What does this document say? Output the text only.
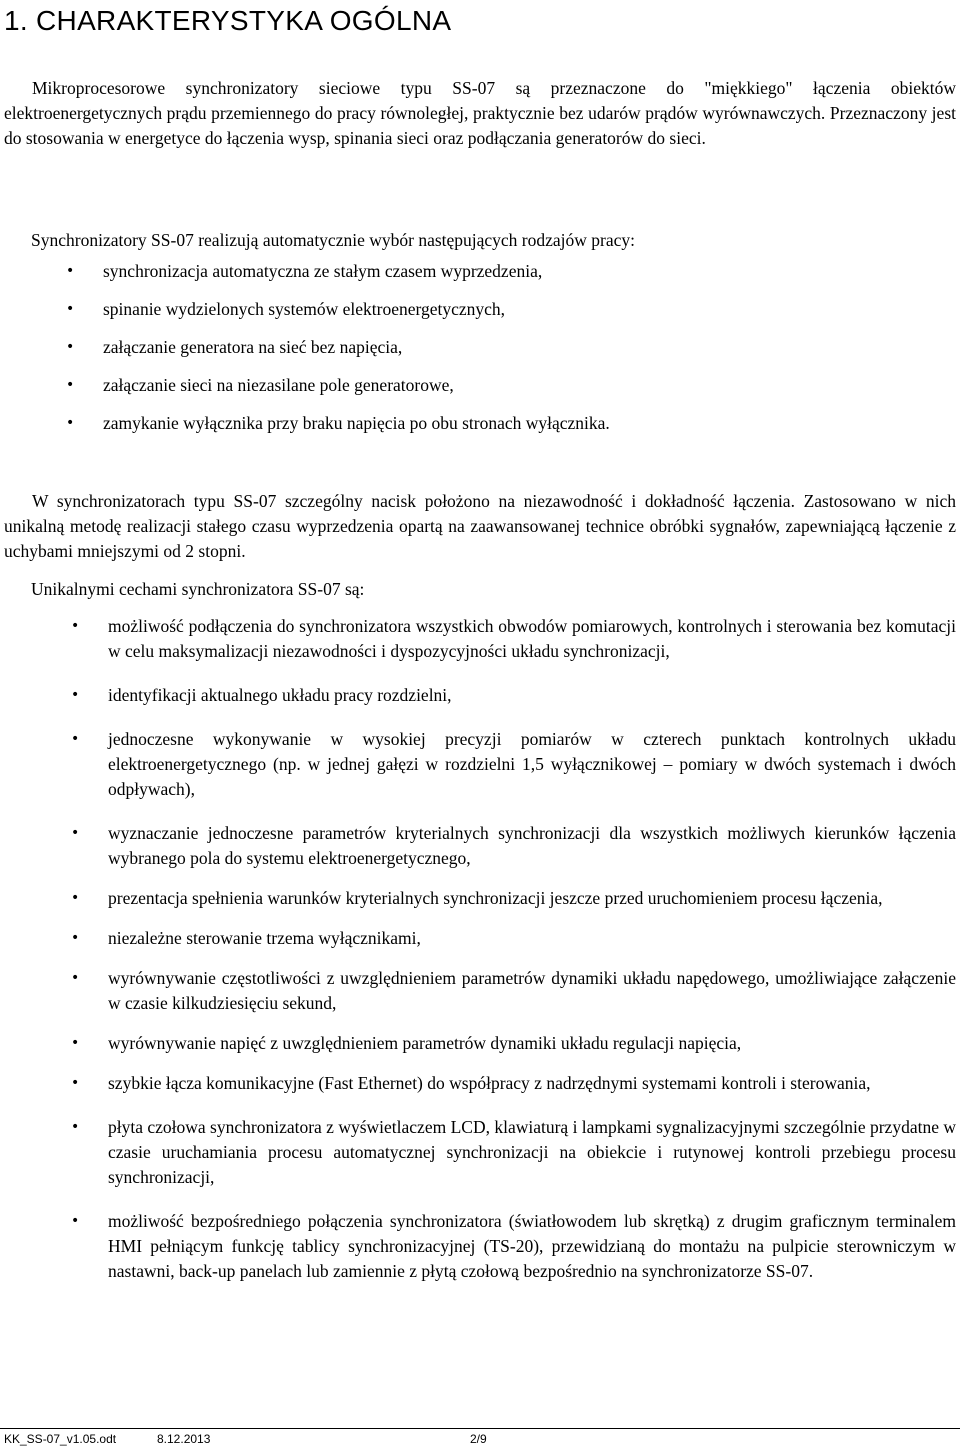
1. CHARAKTERYSTYKA OGÓLNA

Mikroprocesorowe synchronizatory sieciowe typu SS-07 są przeznaczone do "miękkiego" łączenia obiektów elektroenergetycznych prądu przemiennego do pracy równoległej, praktycznie bez udarów prądów wyrównawczych. Przeznaczony jest do stosowania w energetyce do łączenia wysp, spinania sieci oraz podłączania generatorów do sieci.

Synchronizatory SS-07 realizują automatycznie wybór następujących rodzajów pracy:

• synchronizacja automatyczna ze stałym czasem wyprzedzenia,
• spinanie wydzielonych systemów elektroenergetycznych,
• załączanie generatora na sieć bez napięcia,
• załączanie sieci na niezasilane pole generatorowe,
• zamykanie wyłącznika przy braku napięcia po obu stronach wyłącznika.

W synchronizatorach typu SS-07 szczególny nacisk położono na niezawodność i dokładność łączenia. Zastosowano w nich unikalną metodę realizacji stałego czasu wyprzedzenia opartą na zaawansowanej technice obróbki sygnałów, zapewniającą łączenie z uchybami mniejszymi od 2 stopni.

Unikalnymi cechami synchronizatora SS-07 są:

• możliwość podłączenia do synchronizatora wszystkich obwodów pomiarowych, kontrolnych i sterowania bez komutacji w celu maksymalizacji niezawodności i dyspozycyjności układu synchronizacji,
• identyfikacji aktualnego układu pracy rozdzielni,
• jednoczesne wykonywanie w wysokiej precyzji pomiarów w czterech punktach kontrolnych układu elektroenergetycznego (np. w jednej gałęzi w rozdzielni 1,5 wyłącznikowej – pomiary w dwóch systemach i dwóch odpływach),
• wyznaczanie jednoczesne parametrów kryterialnych synchronizacji dla wszystkich możliwych kierunków łączenia wybranego pola do systemu elektroenergetycznego,
• prezentacja spełnienia warunków kryterialnych synchronizacji jeszcze przed uruchomieniem procesu łączenia,
• niezależne sterowanie trzema wyłącznikami,
• wyrównywanie częstotliwości z uwzględnieniem parametrów dynamiki układu napędowego, umożliwiające załączenie w czasie kilkudziesięciu sekund,
• wyrównywanie napięć z uwzględnieniem parametrów dynamiki układu regulacji napięcia,
• szybkie łącza komunikacyjne (Fast Ethernet) do współpracy z nadrzędnymi systemami kontroli i sterowania,
• płyta czołowa synchronizatora z wyświetlaczem LCD, klawiaturą i lampkami sygnalizacyjnymi szczególnie przydatne w czasie uruchamiania procesu automatycznej synchronizacji na obiekcie i rutynowej kontroli przebiegu procesu synchronizacji,
• możliwość bezpośredniego połączenia synchronizatora (światłowodem lub skrętką) z drugim graficznym terminalem HMI pełniącym funkcję tablicy synchronizacyjnej (TS-20), przewidzianą do montażu na pulpicie sterowniczym w nastawni, back-up panelach lub zamiennie z płytą czołową bezpośrednio na synchronizatorze SS-07.
KK_SS-07_v1.05.odt	8.12.2013	2/9
